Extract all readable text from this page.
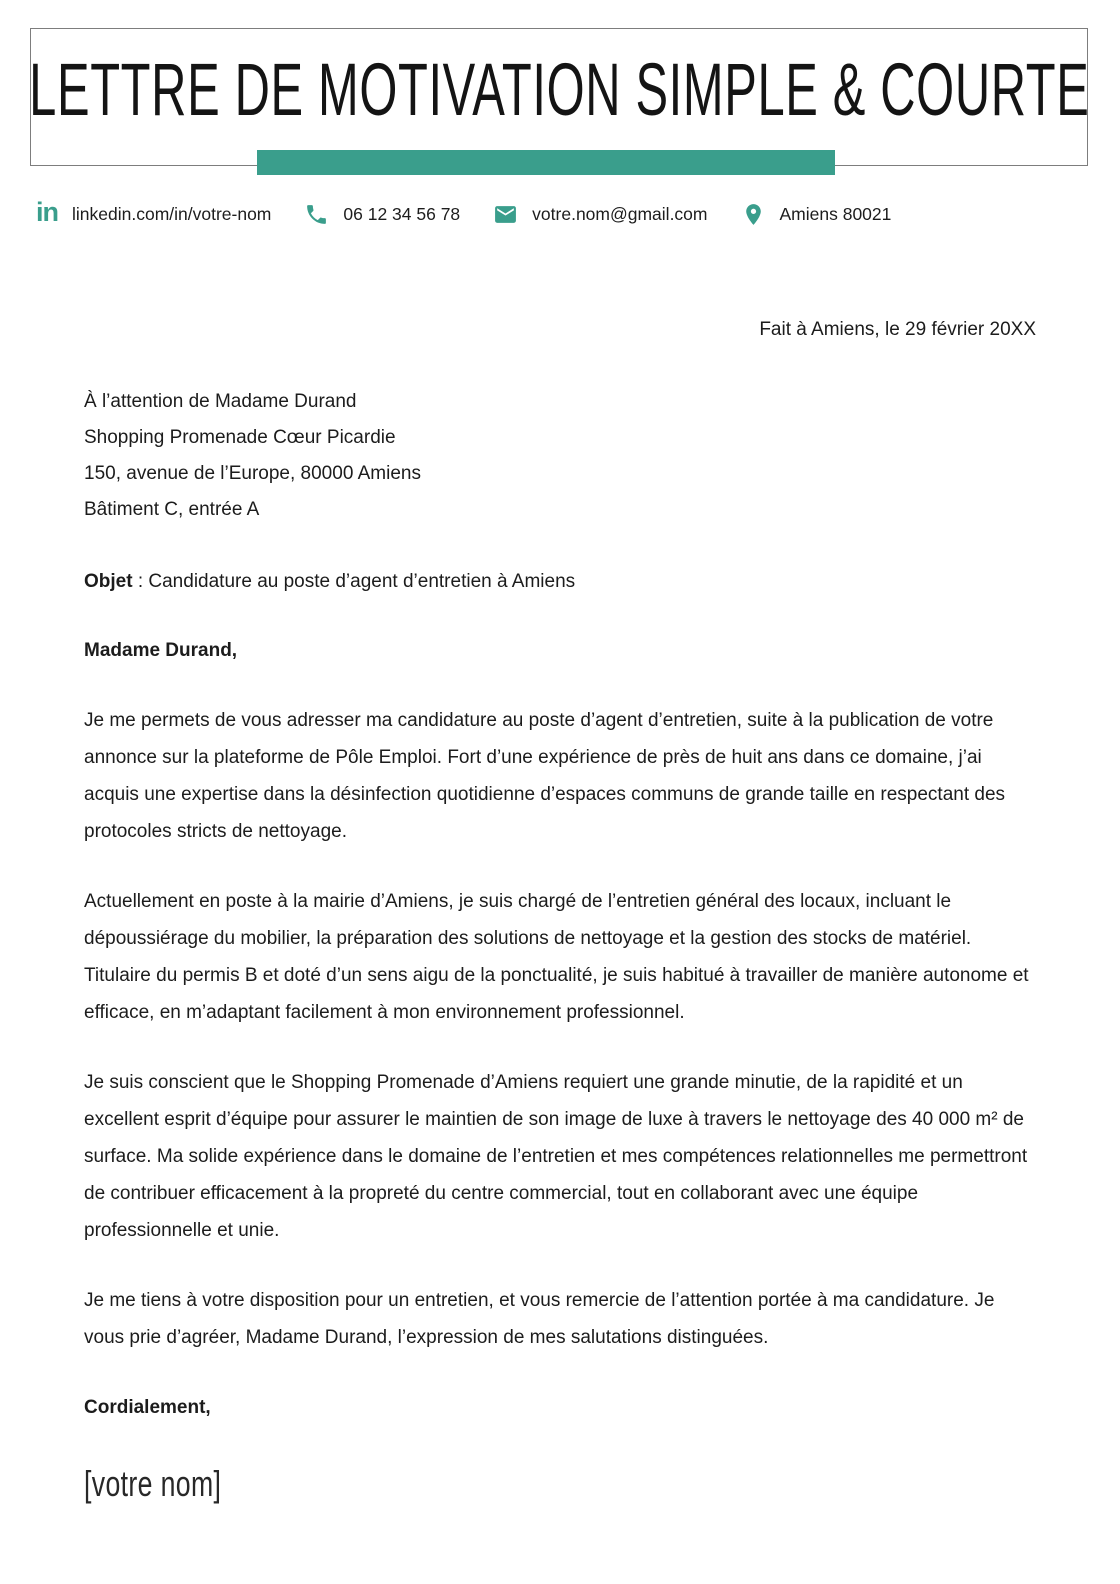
LETTRE DE MOTIVATION SIMPLE & COURTE
in linkedin.com/in/votre-nom	06 12 34 56 78	votre.nom@gmail.com	Amiens 80021
Fait à Amiens, le 29 février 20XX
À l’attention de Madame Durand
Shopping Promenade Cœur Picardie
150, avenue de l’Europe, 80000 Amiens
Bâtiment C, entrée A
Objet : Candidature au poste d’agent d’entretien à Amiens
Madame Durand,

Je me permets de vous adresser ma candidature au poste d’agent d’entretien, suite à la publication de votre annonce sur la plateforme de Pôle Emploi. Fort d’une expérience de près de huit ans dans ce domaine, j’ai acquis une expertise dans la désinfection quotidienne d’espaces communs de grande taille en respectant des protocoles stricts de nettoyage.

Actuellement en poste à la mairie d’Amiens, je suis chargé de l’entretien général des locaux, incluant le dépoussiérage du mobilier, la préparation des solutions de nettoyage et la gestion des stocks de matériel. Titulaire du permis B et doté d’un sens aigu de la ponctualité, je suis habitué à travailler de manière autonome et efficace, en m’adaptant facilement à mon environnement professionnel.

Je suis conscient que le Shopping Promenade d’Amiens requiert une grande minutie, de la rapidité et un excellent esprit d’équipe pour assurer le maintien de son image de luxe à travers le nettoyage des 40 000 m² de surface. Ma solide expérience dans le domaine de l’entretien et mes compétences relationnelles me permettront de contribuer efficacement à la propreté du centre commercial, tout en collaborant avec une équipe professionnelle et unie.

Je me tiens à votre disposition pour un entretien, et vous remercie de l’attention portée à ma candidature. Je vous prie d’agréer, Madame Durand, l’expression de mes salutations distinguées.

Cordialement,
[votre nom]
